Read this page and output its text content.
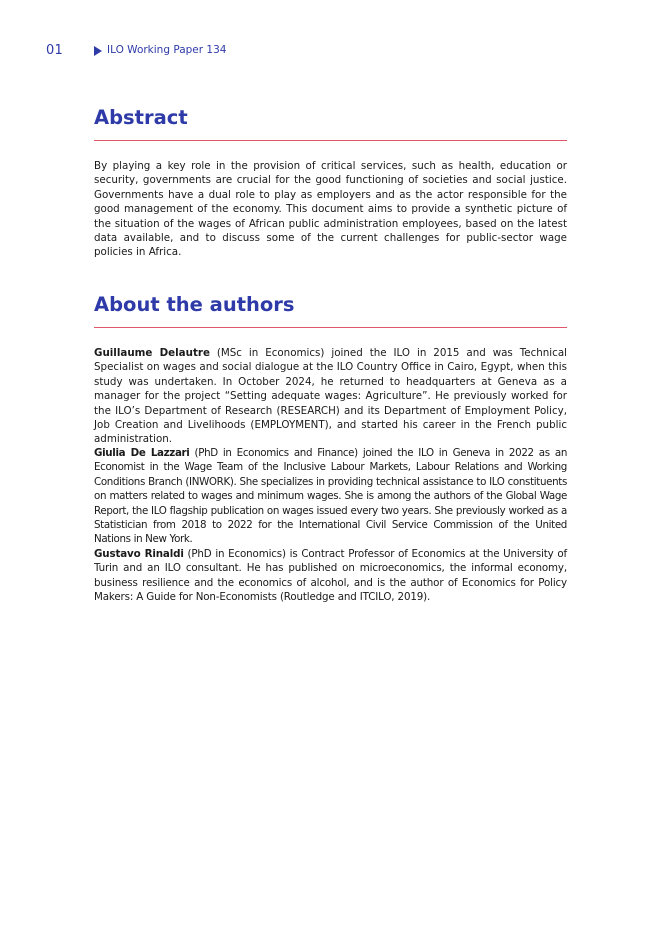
01	ILO Working Paper 134
Abstract

By playing a key role in the provision of critical services, such as health, education or security, governments are crucial for the good functioning of societies and social justice. Governments have a dual role to play as employers and as the actor responsible for the good management of the economy. This document aims to provide a synthetic picture of the situation of the wages of African public administration employees, based on the latest data available, and to discuss some of the current challenges for public-sector wage policies in Africa.

About the authors

Guillaume Delautre (MSc in Economics) joined the ILO in 2015 and was Technical Specialist on wages and social dialogue at the ILO Country Office in Cairo, Egypt, when this study was undertaken. In October 2024, he returned to headquarters at Geneva as a manager for the project “Setting adequate wages: Agriculture”. He previously worked for the ILO’s Department of Research (RESEARCH) and its Department of Employment Policy, Job Creation and Livelihoods (EMPLOYMENT), and started his career in the French public administration.

Giulia De Lazzari (PhD in Economics and Finance) joined the ILO in Geneva in 2022 as an Economist in the Wage Team of the Inclusive Labour Markets, Labour Relations and Working Conditions Branch (INWORK). She specializes in providing technical assistance to ILO constituents on matters related to wages and minimum wages. She is among the authors of the Global Wage Report, the ILO flagship publication on wages issued every two years. She previously worked as a Statistician from 2018 to 2022 for the International Civil Service Commission of the United Nations in New York.

Gustavo Rinaldi (PhD in Economics) is Contract Professor of Economics at the University of Turin and an ILO consultant. He has published on microeconomics, the informal economy, business resilience and the economics of alcohol, and is the author of Economics for Policy Makers: A Guide for Non-Economists (Routledge and ITCILO, 2019).
